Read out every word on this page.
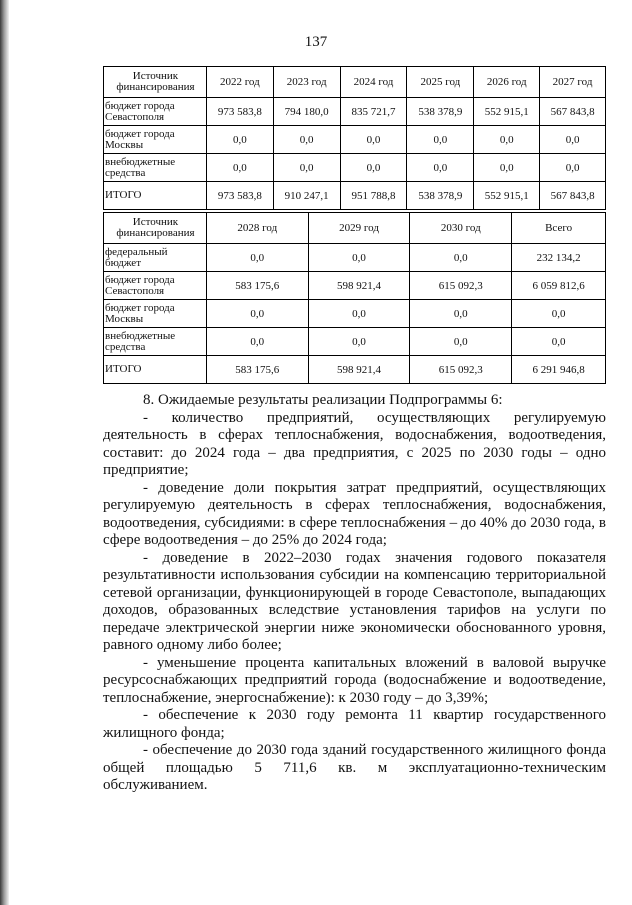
137
Источник финансирования	2022 год	2023 год	2024 год	2025 год	2026 год	2027 год
бюджет города Севастополя	973 583,8	794 180,0	835 721,7	538 378,9	552 915,1	567 843,8
бюджет города Москвы	0,0	0,0	0,0	0,0	0,0	0,0
внебюджетные средства	0,0	0,0	0,0	0,0	0,0	0,0
ИТОГО	973 583,8	910 247,1	951 788,8	538 378,9	552 915,1	567 843,8
Источник финансирования	2028 год	2029 год	2030 год	Всего
федеральный бюджет	0,0	0,0	0,0	232 134,2
бюджет города Севастополя	583 175,6	598 921,4	615 092,3	6 059 812,6
бюджет города Москвы	0,0	0,0	0,0	0,0
внебюджетные средства	0,0	0,0	0,0	0,0
ИТОГО	583 175,6	598 921,4	615 092,3	6 291 946,8

8. Ожидаемые результаты реализации Подпрограммы 6:

- количество предприятий, осуществляющих регулируемую деятельность в сферах теплоснабжения, водоснабжения, водоотведения, составит: до 2024 года – два предприятия, с 2025 по 2030 годы – одно предприятие;

- доведение доли покрытия затрат предприятий, осуществляющих регулируемую деятельность в сферах теплоснабжения, водоснабжения, водоотведения, субсидиями: в сфере теплоснабжения – до 40% до 2030 года, в сфере водоотведения – до 25% до 2024 года;

- доведение в 2022–2030 годах значения годового показателя результативности использования субсидии на компенсацию территориальной сетевой организации, функционирующей в городе Севастополе, выпадающих доходов, образованных вследствие установления тарифов на услуги по передаче электрической энергии ниже экономически обоснованного уровня, равного одному либо более;

- уменьшение процента капитальных вложений в валовой выручке ресурсоснабжающих предприятий города (водоснабжение и водоотведение, теплоснабжение, энергоснабжение): к 2030 году – до 3,39%;

- обеспечение к 2030 году ремонта 11 квартир государственного жилищного фонда;

- обеспечение до 2030 года зданий государственного жилищного фонда общей площадью 5 711,6 кв. м эксплуатационно-техническим обслуживанием.
